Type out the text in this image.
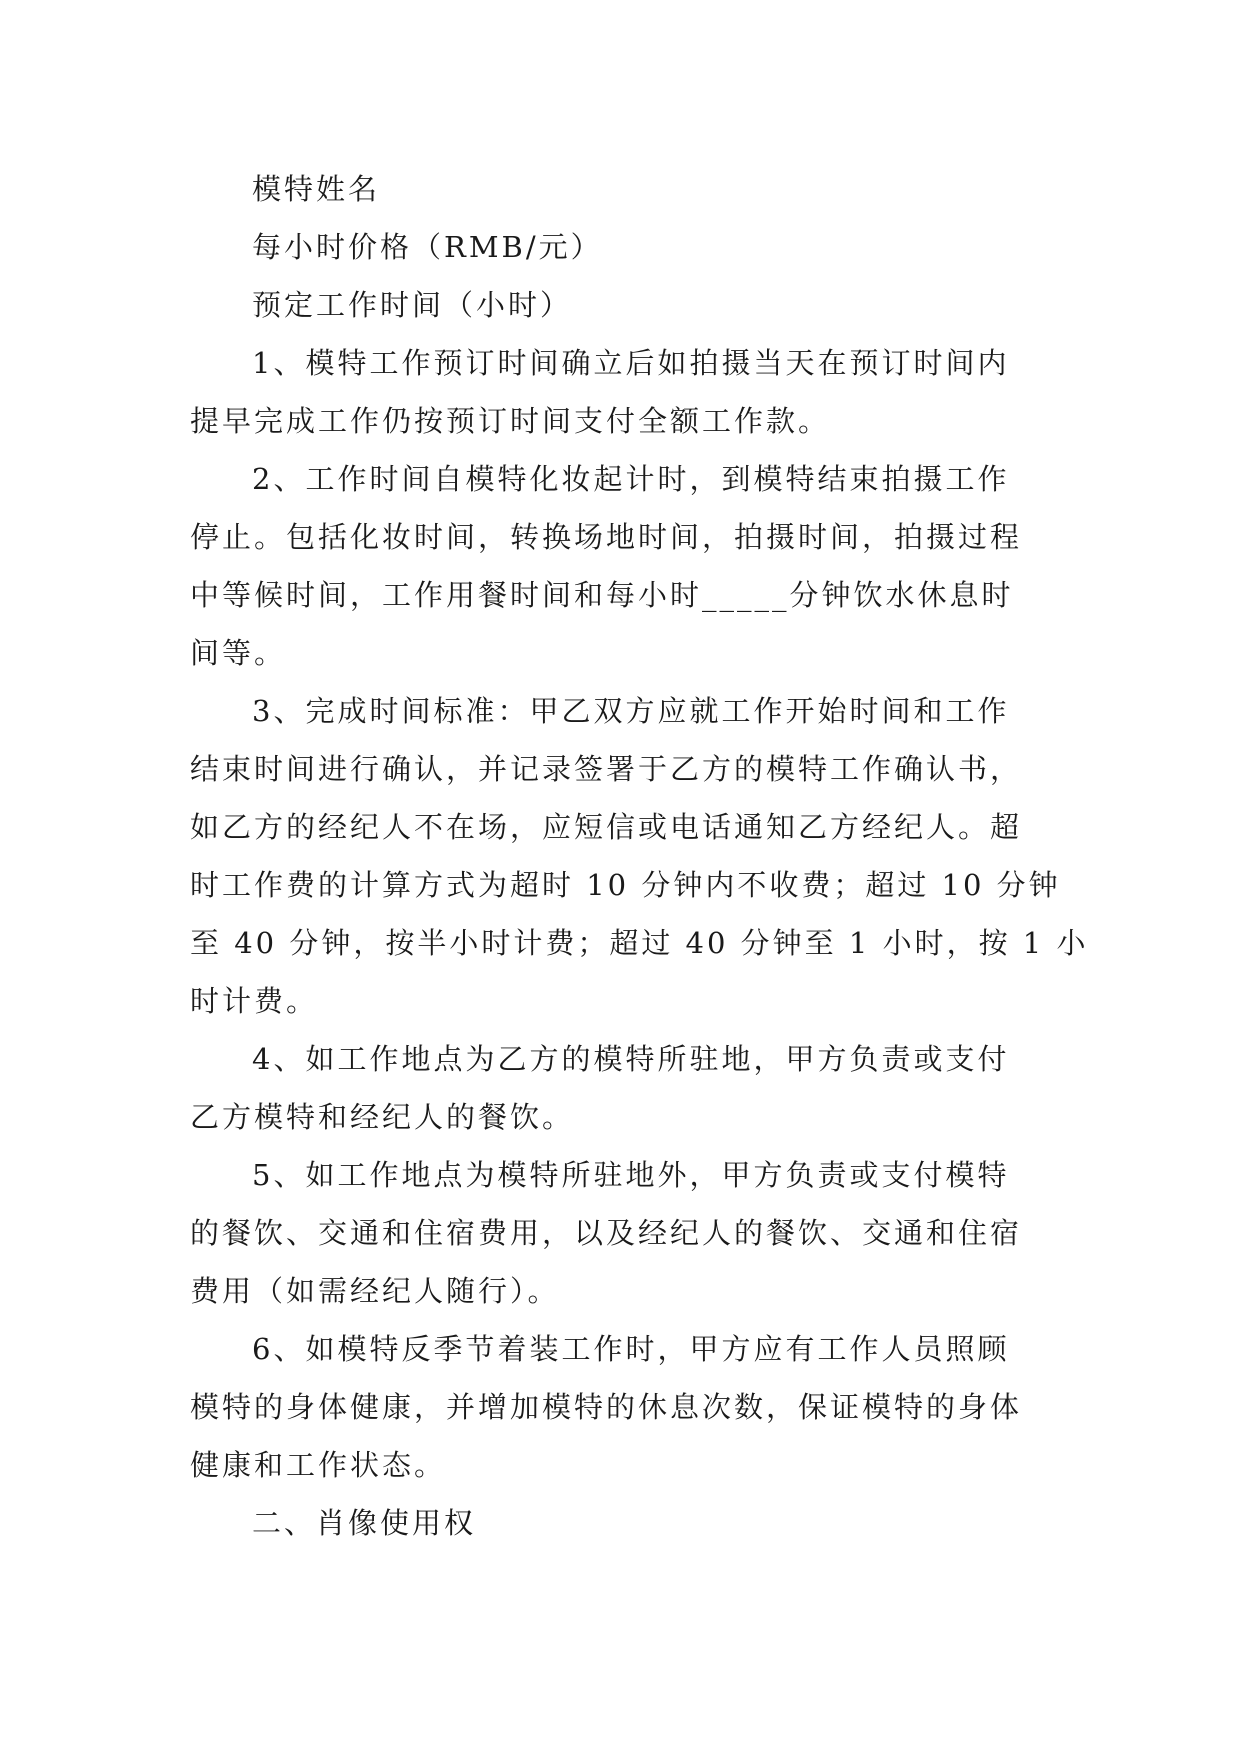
模特姓名

每小时价格（RMB/元）

预定工作时间（小时）

1、模特工作预订时间确立后如拍摄当天在预订时间内

提早完成工作仍按预订时间支付全额工作款。

2、工作时间自模特化妆起计时，到模特结束拍摄工作

停止。包括化妆时间，转换场地时间，拍摄时间，拍摄过程

中等候时间，工作用餐时间和每小时_____分钟饮水休息时

间等。

3、完成时间标准：甲乙双方应就工作开始时间和工作

结束时间进行确认，并记录签署于乙方的模特工作确认书，

如乙方的经纪人不在场，应短信或电话通知乙方经纪人。超

时工作费的计算方式为超时 10 分钟内不收费；超过 10 分钟

至 40 分钟，按半小时计费；超过 40 分钟至 1 小时，按 1 小

时计费。

4、如工作地点为乙方的模特所驻地，甲方负责或支付

乙方模特和经纪人的餐饮。

5、如工作地点为模特所驻地外，甲方负责或支付模特

的餐饮、交通和住宿费用，以及经纪人的餐饮、交通和住宿

费用（如需经纪人随行）。

6、如模特反季节着装工作时，甲方应有工作人员照顾

模特的身体健康，并增加模特的休息次数，保证模特的身体

健康和工作状态。

二、肖像使用权
